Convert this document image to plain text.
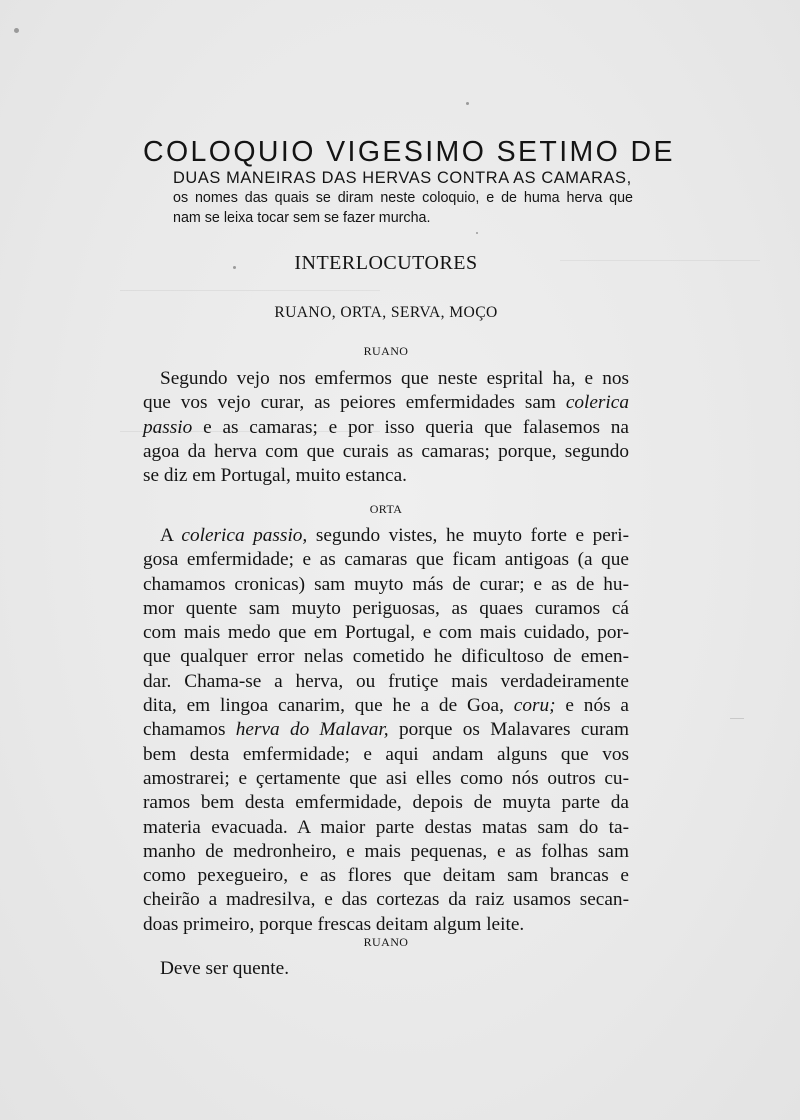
COLOQUIO VIGESIMO SETIMO DE
DUAS MANEIRAS DAS HERVAS CONTRA AS CAMARAS,
os nomes das quais se diram neste coloquio, e de huma herva que
nam se leixa tocar sem se fazer murcha.
INTERLOCUTORES
RUANO, ORTA, SERVA, MOÇO
RUANO
Segundo vejo nos emfermos que neste esprital ha, e nos
que vos vejo curar, as peiores emfermidades sam colerica
passio e as camaras; e por isso queria que falasemos na
agoa da herva com que curais as camaras; porque, segundo
se diz em Portugal, muito estanca.
ORTA
A colerica passio, segundo vistes, he muyto forte e peri-
gosa emfermidade; e as camaras que ficam antigoas (a que
chamamos cronicas) sam muyto más de curar; e as de hu-
mor quente sam muyto periguosas, as quaes curamos cá
com mais medo que em Portugal, e com mais cuidado, por-
que qualquer error nelas cometido he dificultoso de emen-
dar. Chama-se a herva, ou frutiçe mais verdadeiramente
dita, em lingoa canarim, que he a de Goa, coru; e nós a
chamamos herva do Malavar, porque os Malavares curam
bem desta emfermidade; e aqui andam alguns que vos
amostrarei; e çertamente que asi elles como nós outros cu-
ramos bem desta emfermidade, depois de muyta parte da
materia evacuada. A maior parte destas matas sam do ta-
manho de medronheiro, e mais pequenas, e as folhas sam
como pexegueiro, e as flores que deitam sam brancas e
cheirão a madresilva, e das cortezas da raiz usamos secan-
doas primeiro, porque frescas deitam algum leite.
RUANO
Deve ser quente.
